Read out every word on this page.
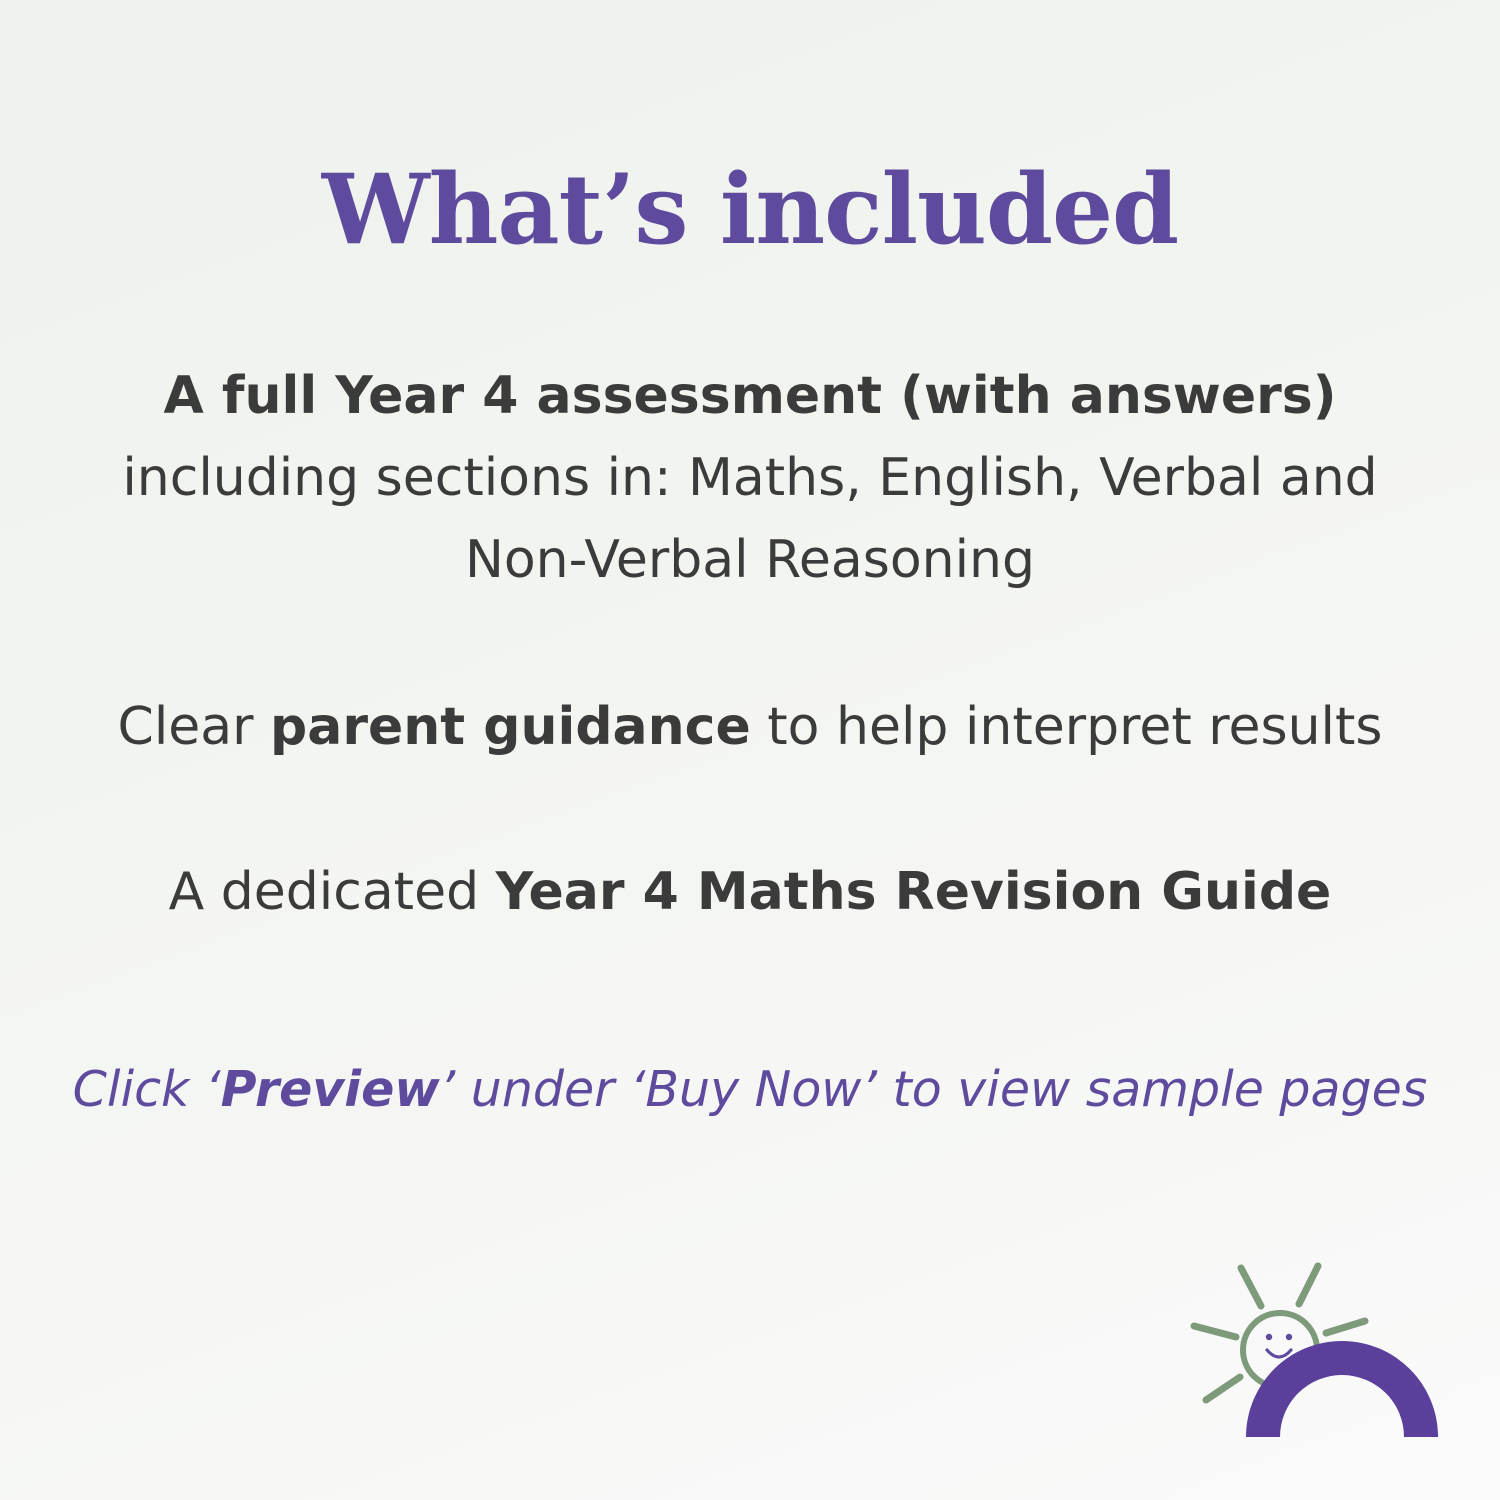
What’s included
A full Year 4 assessment (with answers)
including sections in: Maths, English, Verbal and
Non-Verbal Reasoning
Clear parent guidance to help interpret results
A dedicated Year 4 Maths Revision Guide
Click ‘Preview’ under ‘Buy Now’ to view sample pages
